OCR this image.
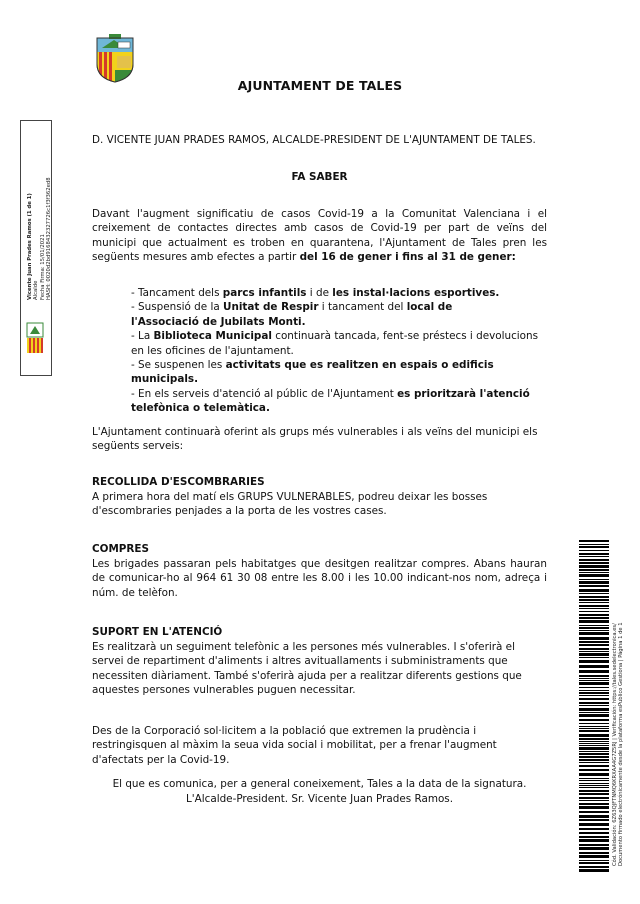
AJUNTAMENT DE TALES
Vicente Juan Prades Ramos (1 de 1) Alcalde Fecha Firma: 15/01/2021 HASH: 0020d2bd9168432327726c1f3f362ed8
Cód. Validación: 6Z63QJFTNMQ6KRXAA4G7Z5RJ | Verificación: https://tales.sedelectronica.es/ Documento firmado electrónicamente desde la plataforma esPublico Gestiona | Página 1 de 1
D. VICENTE JUAN PRADES RAMOS, ALCALDE-PRESIDENT DE L'AJUNTAMENT DE TALES.
FA SABER
Davant l'augment significatiu de casos Covid-19 a la Comunitat Valenciana i el creixement de contactes directes amb casos de Covid-19 per part de veïns del municipi que actualment es troben en quarantena, l'Ajuntament de Tales pren les següents mesures amb efectes a partir del 16 de gener i fins al 31 de gener:

- Tancament dels parcs infantils i de les instal·lacions esportives.

- Suspensió de la Unitat de Respir i tancament del local de l'Associació de Jubilats Monti.

- La Biblioteca Municipal continuarà tancada, fent-se préstecs i devolucions en les oficines de l'ajuntament.

- Se suspenen les activitats que es realitzen en espais o edificis municipals.

- En els serveis d'atenció al públic de l'Ajuntament es prioritzarà l'atenció telefònica o telemàtica.

L'Ajuntament continuarà oferint als grups més vulnerables i als veïns del municipi els següents serveis:
RECOLLIDA D'ESCOMBRARIES
A primera hora del matí els GRUPS VULNERABLES, podreu deixar les bosses d'escombraries penjades a la porta de les vostres cases.
COMPRES
Les brigades passaran pels habitatges que desitgen realitzar compres. Abans hauran de comunicar-ho al 964 61 30 08 entre les 8.00 i les 10.00 indicant-nos nom, adreça i núm. de telèfon.
SUPORT EN L'ATENCIÓ
Es realitzarà un seguiment telefònic a les persones més vulnerables. I s'oferirà el servei de repartiment d'aliments i altres avituallaments i subministraments que necessiten diàriament. També s'oferirà ajuda per a realitzar diferents gestions que aquestes persones vulnerables puguen necessitar.
Des de la Corporació sol·licitem a la població que extremen la prudència i restringisquen al màxim la seua vida social i mobilitat, per a frenar l'augment d'afectats per la Covid-19.
El que es comunica, per a general coneixement, Tales a la data de la signatura.
L'Alcalde-President. Sr. Vicente Juan Prades Ramos.
